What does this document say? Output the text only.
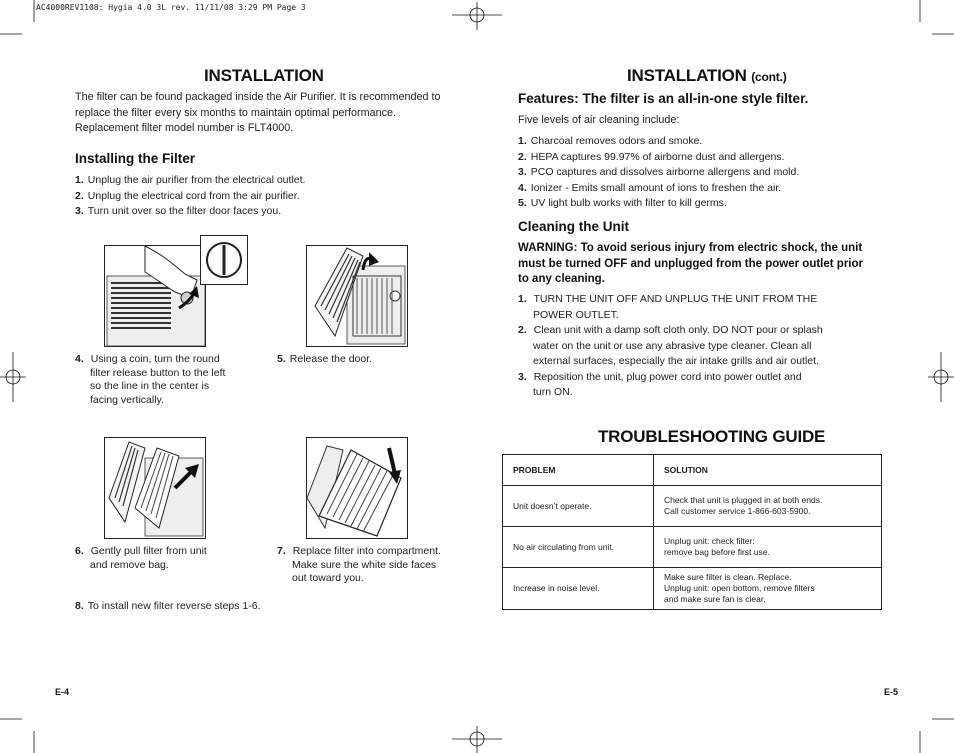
AC4000REV1108: Hygia 4.0 3L rev. 11/11/08 3:29 PM Page 3
INSTALLATION
The filter can be found packaged inside the Air Purifier. It is recommended to
replace the filter every six months to maintain optimal performance.
Replacement filter model number is FLT4000.
Installing the Filter
1. Unplug the air purifier from the electrical outlet.
2. Unplug the electrical cord from the air purifier.
3. Turn unit over so the filter door faces you.
4. Using a coin, turn the round
filter release button to the left
so the line in the center is
facing vertically.
5. Release the door.
6. Gently pull filter from unit
and remove bag.
7. Replace filter into compartment.
Make sure the white side faces
out toward you.
8. To install new filter reverse steps 1-6.
E-4
INSTALLATION (cont.)
Features: The filter is an all-in-one style filter.
Five levels of air cleaning include:
1. Charcoal removes odors and smoke.
2. HEPA captures 99.97% of airborne dust and allergens.
3. PCO captures and dissolves airborne allergens and mold.
4. Ionizer - Emits small amount of ions to freshen the air.
5. UV light bulb works with filter to kill germs.
Cleaning the Unit
WARNING: To avoid serious injury from electric shock, the unit
must be turned OFF and unplugged from the power outlet prior
to any cleaning.
1. TURN THE UNIT OFF AND UNPLUG THE UNIT FROM THE
POWER OUTLET.
2. Clean unit with a damp soft cloth only. DO NOT pour or splash
water on the unit or use any abrasive type cleaner. Clean all
external surfaces, especially the air intake grills and air outlet.
3. Reposition the unit, plug power cord into power outlet and
turn ON.
TROUBLESHOOTING GUIDE
PROBLEM	SOLUTION
Unit doesn’t operate.	Check that unit is plugged in at both ends.
Call customer service 1-866-603-5900.
No air circulating from unit.	Unplug unit: check filter:
remove bag before first use.
Increase in noise level.	Make sure filter is clean. Replace.
Unplug unit: open bottom, remove filters
and make sure fan is clear.
E-5
